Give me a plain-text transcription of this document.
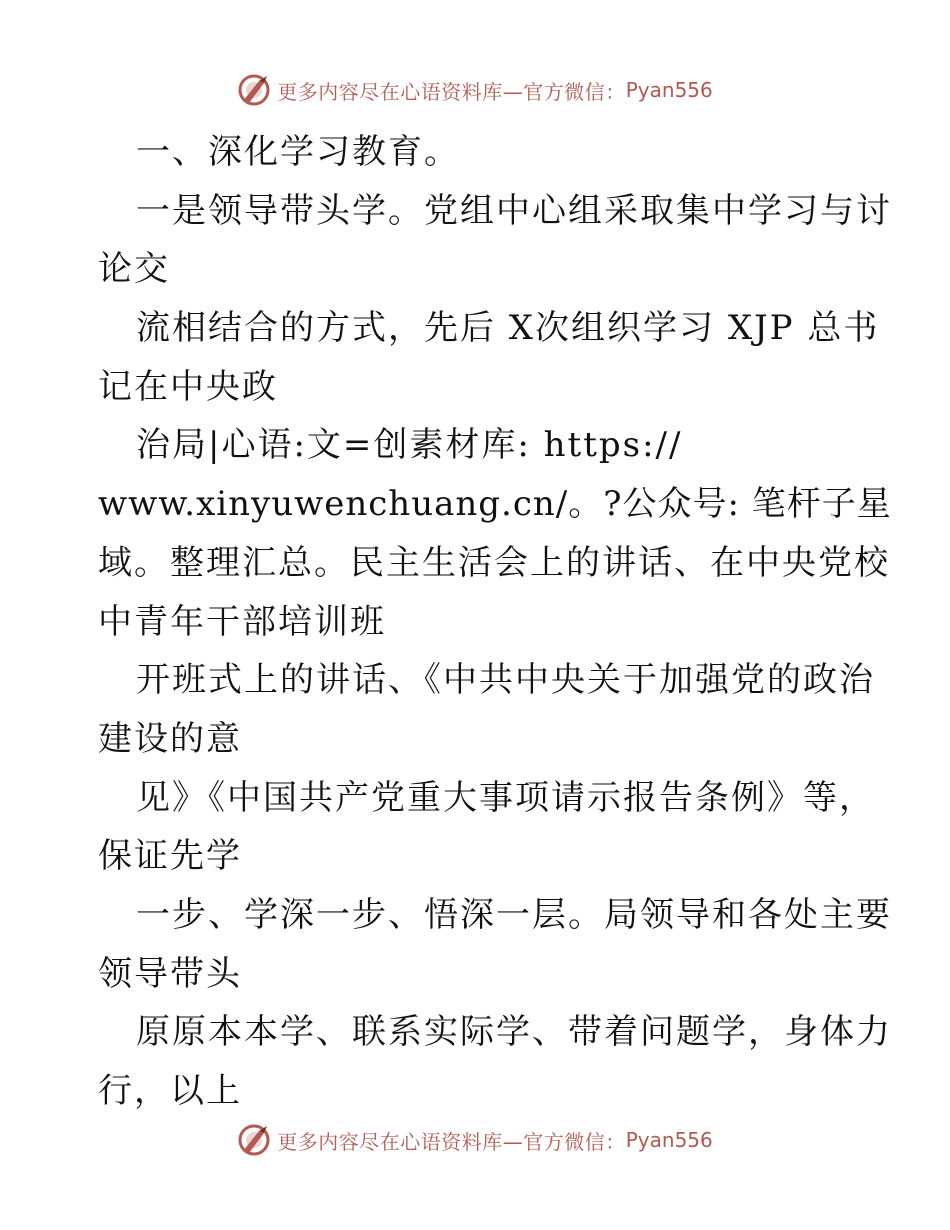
更多内容尽在心语资料库—官方微信： Pyan556
一、深化学习教育。
一是领导带头学。党组中心组采取集中学习与讨
论交
流相结合的方式，先后 X次组织学习 XJP 总书
记在中央政
治局|心语:文=创素材库: https://
www.xinyuwenchuang.cn/。?公众号: 笔杆子星
域。整理汇总。民主生活会上的讲话、在中央党校
中青年干部培训班
开班式上的讲话、《中共中央关于加强党的政治
建设的意
见》《中国共产党重大事项请示报告条例》等，
保证先学
一步、学深一步、悟深一层。局领导和各处主要
领导带头
原原本本学、联系实际学、带着问题学，身体力
行，以上
更多内容尽在心语资料库—官方微信： Pyan556
